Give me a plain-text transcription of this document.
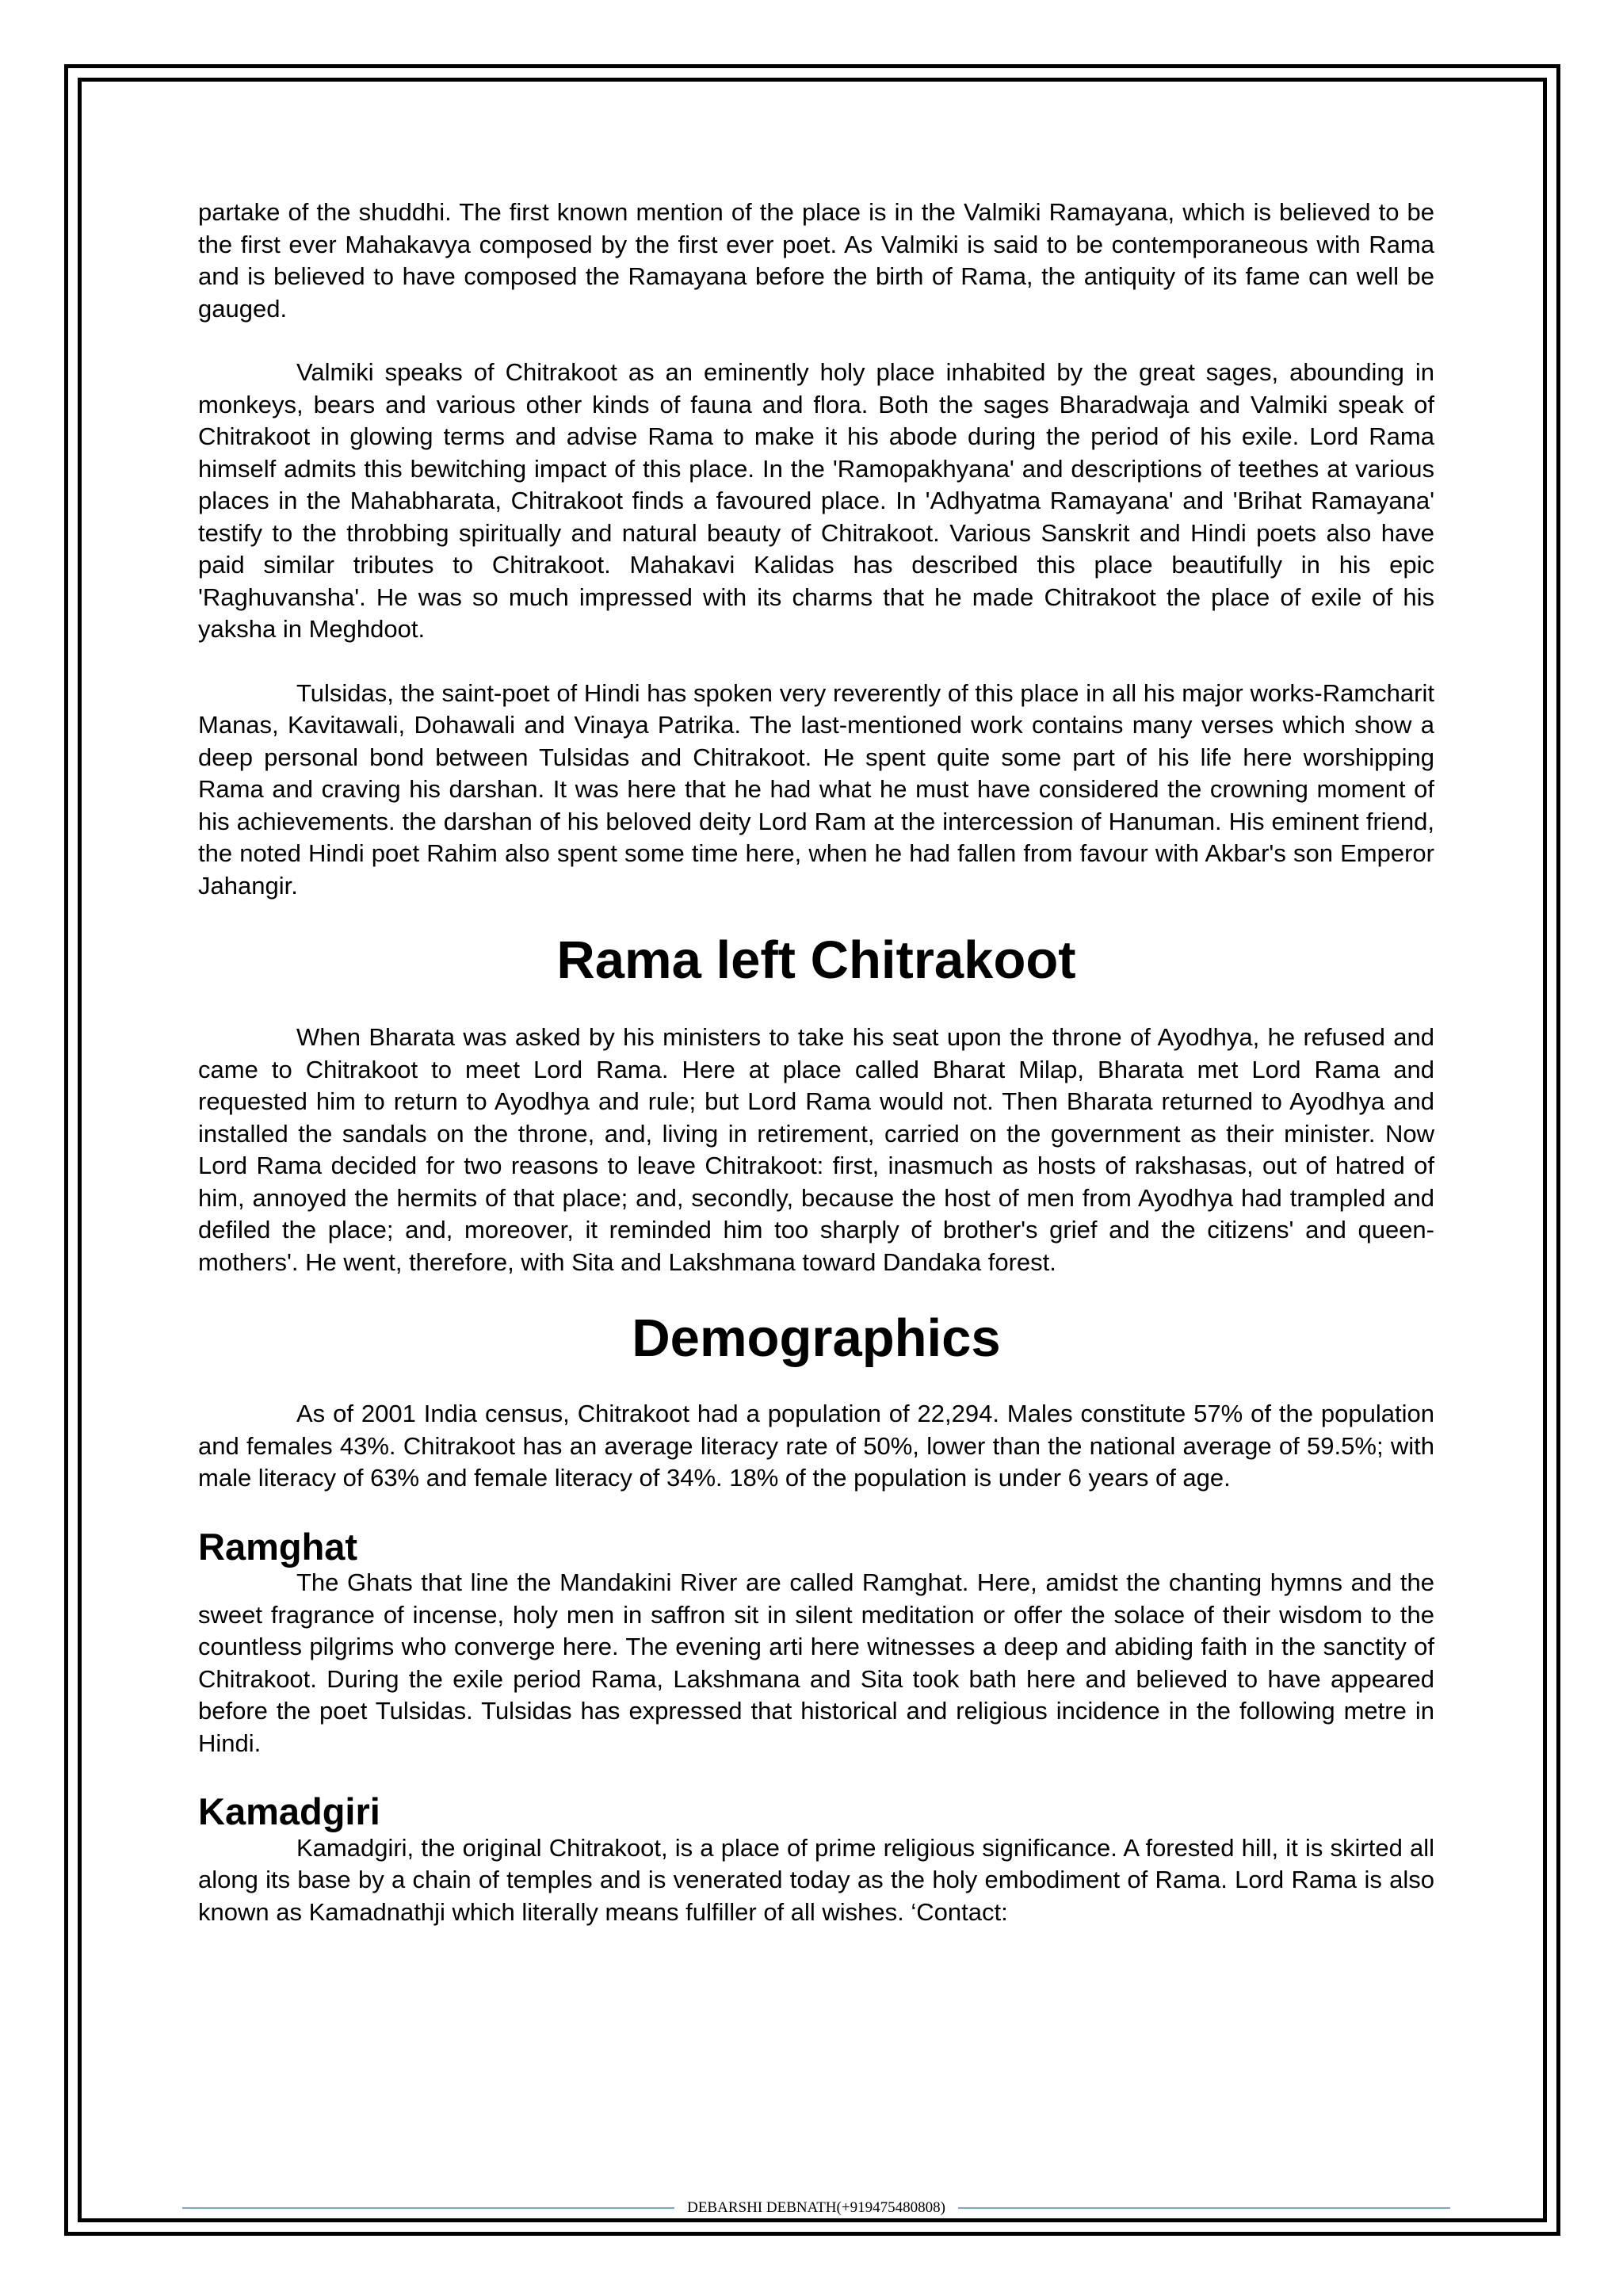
partake of the shuddhi. The first known mention of the place is in the Valmiki Ramayana, which is believed to be the first ever Mahakavya composed by the first ever poet. As Valmiki is said to be contemporaneous with Rama and is believed to have composed the Ramayana before the birth of Rama, the antiquity of its fame can well be gauged.

Valmiki speaks of Chitrakoot as an eminently holy place inhabited by the great sages, abounding in monkeys, bears and various other kinds of fauna and flora. Both the sages Bharadwaja and Valmiki speak of Chitrakoot in glowing terms and advise Rama to make it his abode during the period of his exile. Lord Rama himself admits this bewitching impact of this place. In the 'Ramopakhyana' and descriptions of teethes at various places in the Mahabharata, Chitrakoot finds a favoured place. In 'Adhyatma Ramayana' and 'Brihat Ramayana' testify to the throbbing spiritually and natural beauty of Chitrakoot. Various Sanskrit and Hindi poets also have paid similar tributes to Chitrakoot. Mahakavi Kalidas has described this place beautifully in his epic 'Raghuvansha'. He was so much impressed with its charms that he made Chitrakoot the place of exile of his yaksha in Meghdoot.

Tulsidas, the saint-poet of Hindi has spoken very reverently of this place in all his major works-Ramcharit Manas, Kavitawali, Dohawali and Vinaya Patrika. The last-mentioned work contains many verses which show a deep personal bond between Tulsidas and Chitrakoot. He spent quite some part of his life here worshipping Rama and craving his darshan. It was here that he had what he must have considered the crowning moment of his achievements. the darshan of his beloved deity Lord Ram at the intercession of Hanuman. His eminent friend, the noted Hindi poet Rahim also spent some time here, when he had fallen from favour with Akbar's son Emperor Jahangir.

Rama left Chitrakoot

When Bharata was asked by his ministers to take his seat upon the throne of Ayodhya, he refused and came to Chitrakoot to meet Lord Rama. Here at place called Bharat Milap, Bharata met Lord Rama and requested him to return to Ayodhya and rule; but Lord Rama would not. Then Bharata returned to Ayodhya and installed the sandals on the throne, and, living in retirement, carried on the government as their minister. Now Lord Rama decided for two reasons to leave Chitrakoot: first, inasmuch as hosts of rakshasas, out of hatred of him, annoyed the hermits of that place; and, secondly, because the host of men from Ayodhya had trampled and defiled the place; and, moreover, it reminded him too sharply of brother's grief and the citizens' and queen-mothers'. He went, therefore, with Sita and Lakshmana toward Dandaka forest.

Demographics

As of 2001 India census, Chitrakoot had a population of 22,294. Males constitute 57% of the population and females 43%. Chitrakoot has an average literacy rate of 50%, lower than the national average of 59.5%; with male literacy of 63% and female literacy of 34%. 18% of the population is under 6 years of age.

Ramghat

The Ghats that line the Mandakini River are called Ramghat. Here, amidst the chanting hymns and the sweet fragrance of incense, holy men in saffron sit in silent meditation or offer the solace of their wisdom to the countless pilgrims who converge here. The evening arti here witnesses a deep and abiding faith in the sanctity of Chitrakoot. During the exile period Rama, Lakshmana and Sita took bath here and believed to have appeared before the poet Tulsidas. Tulsidas has expressed that historical and religious incidence in the following metre in Hindi.

Kamadgiri

Kamadgiri, the original Chitrakoot, is a place of prime religious significance. A forested hill, it is skirted all along its base by a chain of temples and is venerated today as the holy embodiment of Rama. Lord Rama is also known as Kamadnathji which literally means fulfiller of all wishes. ‘Contact:

DEBARSHI DEBNATH(+919475480808)
